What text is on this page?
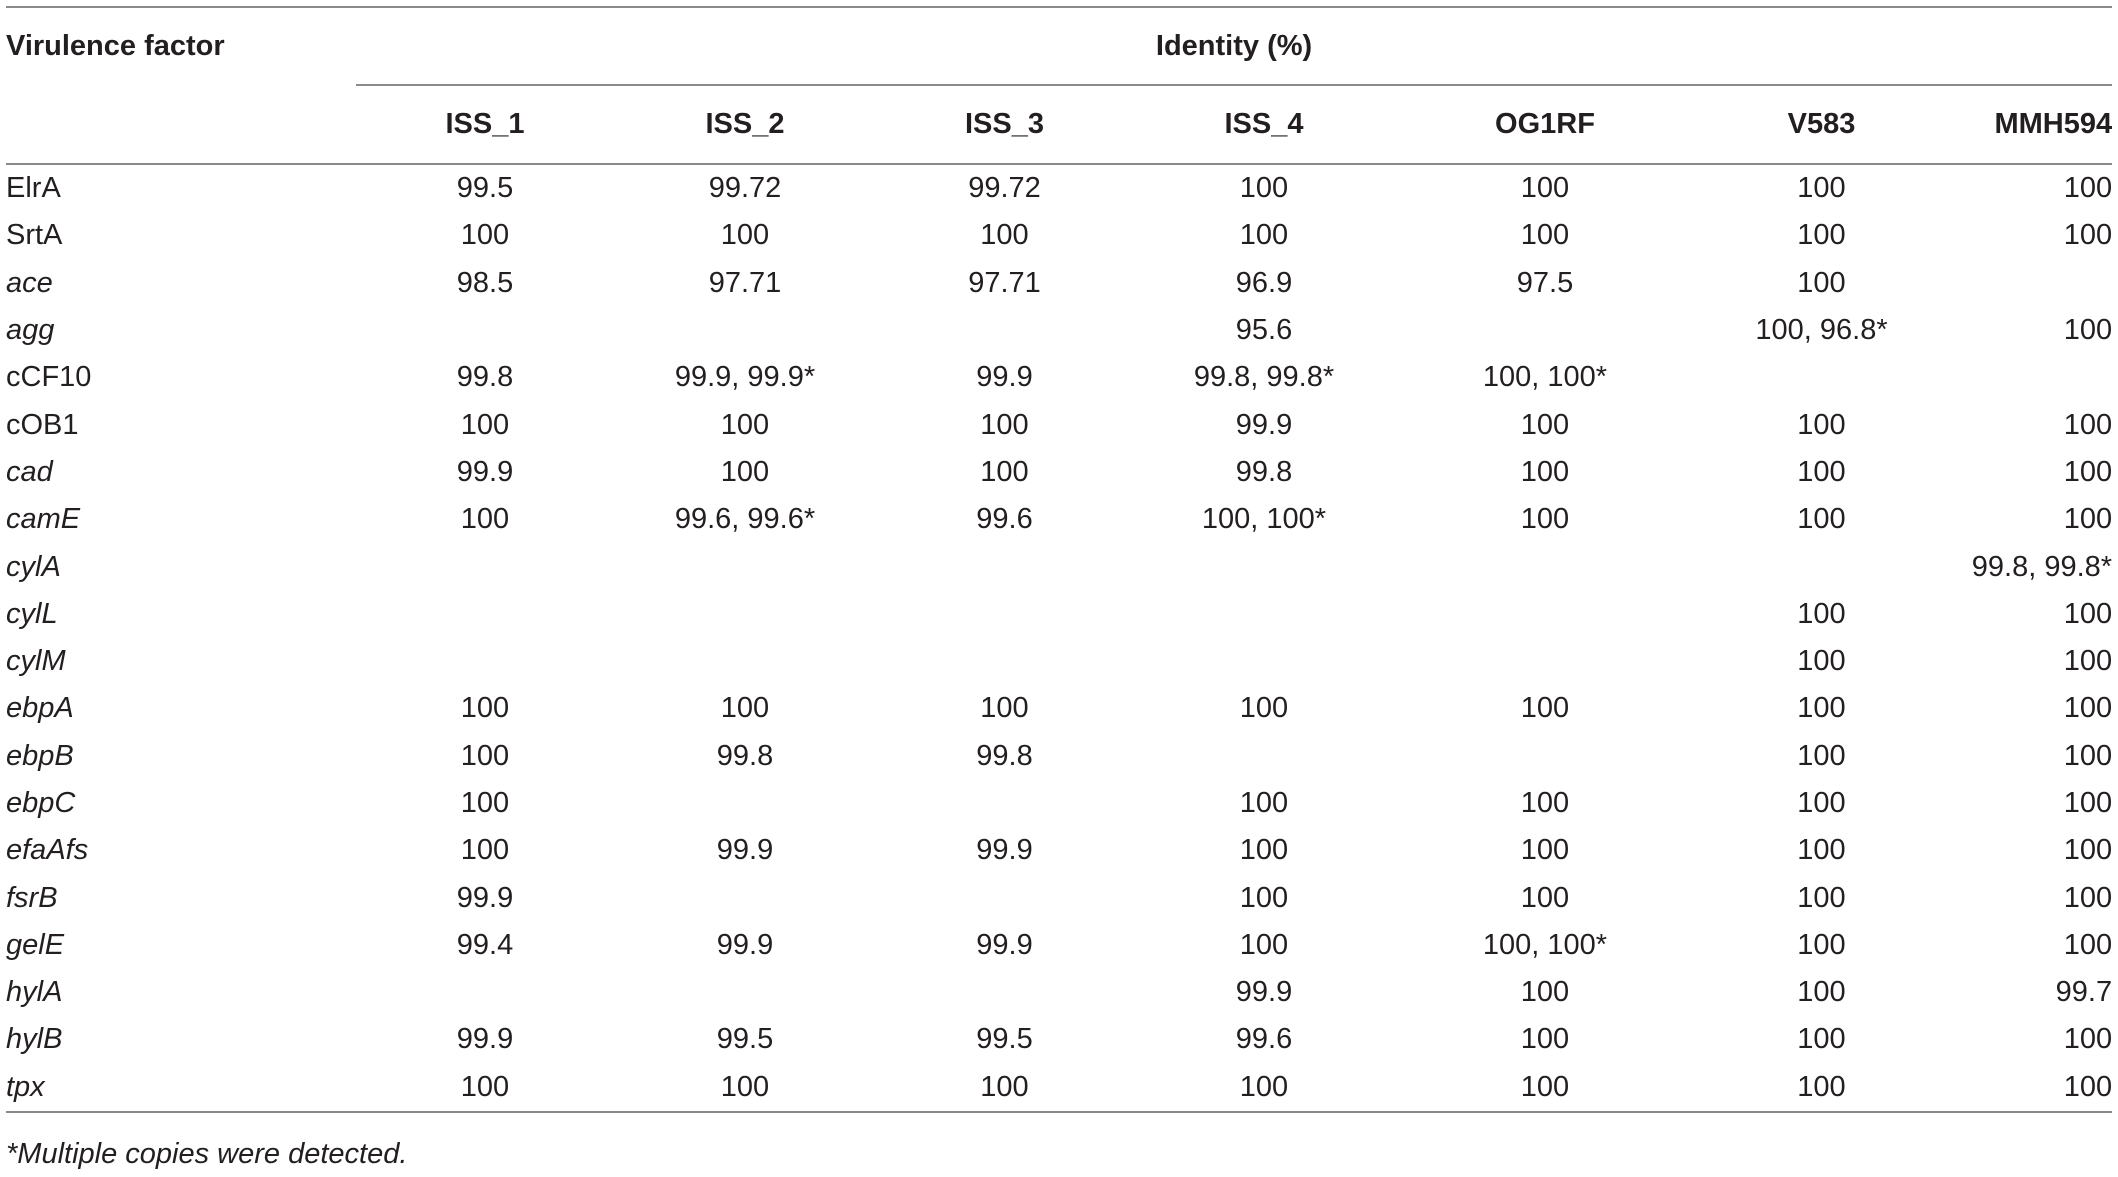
Virulence factor	Identity (%)						
	ISS_1	ISS_2	ISS_3	ISS_4	OG1RF	V583	MMH594
ElrA	99.5	99.72	99.72	100	100	100	100
SrtA	100	100	100	100	100	100	100
ace	98.5	97.71	97.71	96.9	97.5	100	
agg				95.6		100, 96.8*	100
cCF10	99.8	99.9, 99.9*	99.9	99.8, 99.8*	100, 100*		
cOB1	100	100	100	99.9	100	100	100
cad	99.9	100	100	99.8	100	100	100
camE	100	99.6, 99.6*	99.6	100, 100*	100	100	100
cylA							99.8, 99.8*
cylL						100	100
cylM						100	100
ebpA	100	100	100	100	100	100	100
ebpB	100	99.8	99.8			100	100
ebpC	100			100	100	100	100
efaAfs	100	99.9	99.9	100	100	100	100
fsrB	99.9			100	100	100	100
gelE	99.4	99.9	99.9	100	100, 100*	100	100
hylA				99.9	100	100	99.7
hylB	99.9	99.5	99.5	99.6	100	100	100
tpx	100	100	100	100	100	100	100
*Multiple copies were detected.
